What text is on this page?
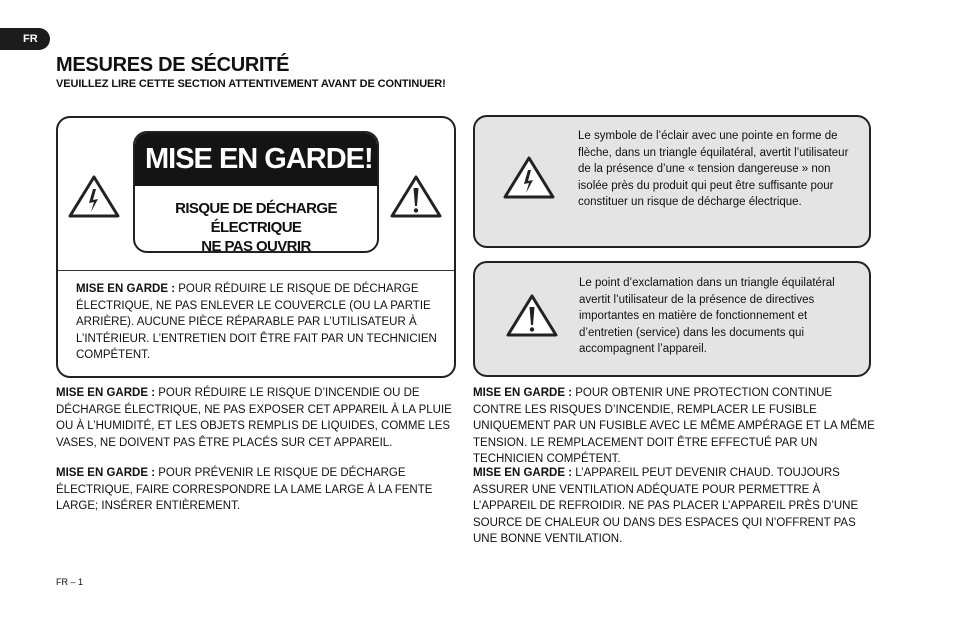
FR
MESURES DE SÉCURITÉ
VEUILLEZ LIRE CETTE SECTION ATTENTIVEMENT AVANT DE CONTINUER!
MISE EN GARDE!
RISQUE DE DÉCHARGE ÉLECTRIQUE
NE PAS OUVRIR
MISE EN GARDE : POUR RÉDUIRE LE RISQUE DE DÉCHARGE ÉLECTRIQUE, NE PAS ENLEVER LE COUVERCLE (OU LA PARTIE ARRIÈRE). AUCUNE PIÈCE RÉPARABLE PAR L’UTILISATEUR À L’INTÉRIEUR. L’ENTRETIEN DOIT ÊTRE FAIT PAR UN TECHNICIEN COMPÉTENT.
Le symbole de l’éclair avec une pointe en forme de flèche, dans un triangle équilatéral, avertit l’utilisateur de la présence d’une « tension dangereuse » non isolée près du produit qui peut être suffisante pour constituer un risque de décharge électrique.
Le point d’exclamation dans un triangle équilatéral avertit l’utilisateur de la présence de directives importantes en matière de fonctionnement et d’entretien (service) dans les documents qui accompagnent l’appareil.
MISE EN GARDE : POUR RÉDUIRE LE RISQUE D’INCENDIE OU DE DÉCHARGE ÉLECTRIQUE, NE PAS EXPOSER CET APPAREIL À LA PLUIE OU À L’HUMIDITÉ, ET LES OBJETS REMPLIS DE LIQUIDES, COMME LES VASES, NE DOIVENT PAS ÊTRE PLACÉS SUR CET APPAREIL.
MISE EN GARDE : POUR PRÉVENIR LE RISQUE DE DÉCHARGE ÉLECTRIQUE, FAIRE CORRESPONDRE LA LAME LARGE À LA FENTE LARGE; INSÉRER ENTIÈREMENT.
MISE EN GARDE : POUR OBTENIR UNE PROTECTION CONTINUE CONTRE LES RISQUES D’INCENDIE, REMPLACER LE FUSIBLE UNIQUEMENT PAR UN FUSIBLE AVEC LE MÊME AMPÉRAGE ET LA MÊME TENSION. LE REMPLACEMENT DOIT ÊTRE EFFECTUÉ PAR UN TECHNICIEN COMPÉTENT.
MISE EN GARDE : L’APPAREIL PEUT DEVENIR CHAUD. TOUJOURS ASSURER UNE VENTILATION ADÉQUATE POUR PERMETTRE À L’APPAREIL DE REFROIDIR. NE PAS PLACER L’APPAREIL PRÈS D’UNE SOURCE DE CHALEUR OU DANS DES ESPACES QUI N’OFFRENT PAS UNE BONNE VENTILATION.
FR – 1
